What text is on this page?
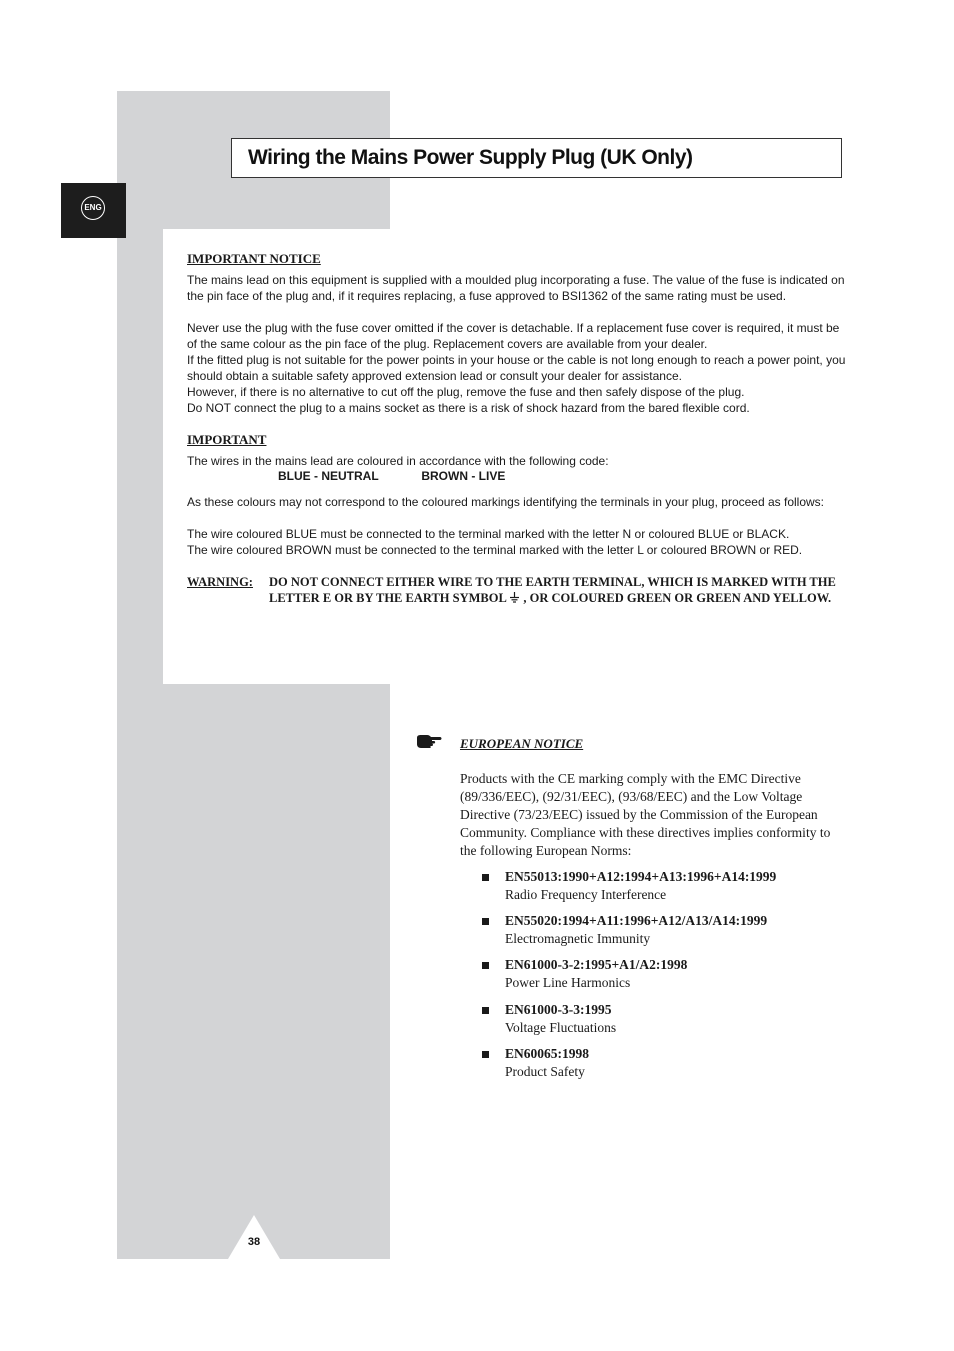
Wiring the Mains Power Supply Plug (UK Only)
ENG

IMPORTANT NOTICE

The mains lead on this equipment is supplied with a moulded plug incorporating a fuse. The value of the fuse is indicated on the pin face of the plug and, if it requires replacing, a fuse approved to BSI1362 of the same rating must be used.

Never use the plug with the fuse cover omitted if the cover is detachable. If a replacement fuse cover is required, it must be of the same colour as the pin face of the plug. Replacement covers are available from your dealer.

If the fitted plug is not suitable for the power points in your house or the cable is not long enough to reach a power point, you should obtain a suitable safety approved extension lead or consult your dealer for assistance.

However, if there is no alternative to cut off the plug, remove the fuse and then safely dispose of the plug.

Do NOT connect the plug to a mains socket as there is a risk of shock hazard from the bared flexible cord.

IMPORTANT

The wires in the mains lead are coloured in accordance with the following code:

BLUE - NEUTRAL	BROWN - LIVE

As these colours may not correspond to the coloured markings identifying the terminals in your plug, proceed as follows:

The wire coloured BLUE must be connected to the terminal marked with the letter N or coloured BLUE or BLACK.

The wire coloured BROWN must be connected to the terminal marked with the letter L or coloured BROWN or RED.

WARNING: DO NOT CONNECT EITHER WIRE TO THE EARTH TERMINAL, WHICH IS MARKED WITH THE LETTER E OR BY THE EARTH SYMBOL , OR COLOURED GREEN OR GREEN AND YELLOW.
EUROPEAN NOTICE

Products with the CE marking comply with the EMC Directive (89/336/EEC), (92/31/EEC), (93/68/EEC) and the Low Voltage Directive (73/23/EEC) issued by the Commission of the European Community. Compliance with these directives implies conformity to the following European Norms:

EN55013:1990+A12:1994+A13:1996+A14:1999
Radio Frequency Interference
EN55020:1994+A11:1996+A12/A13/A14:1999
Electromagnetic Immunity
EN61000-3-2:1995+A1/A2:1998
Power Line Harmonics
EN61000-3-3:1995
Voltage Fluctuations
EN60065:1998
Product Safety
38
